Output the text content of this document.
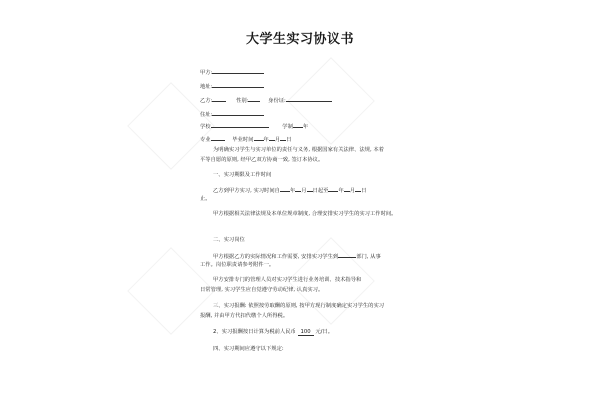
大学生实习协议书
甲方:
地址:
乙方:	性别:	身份证:
住址:
学校	学制 年
专业	毕业时间 年 月 日
为明确实习学生与实习单位的责任与义务, 根据国家有关法律、法规, 本着
平等自愿的原则, 经甲乙双方协商一致, 签订本协议。
一、实习期限及工作时间
乙方到甲方实习, 实习时间自 年 月 日起至 年 月 日
止。
甲方根据相关法律法规及本单位规章制度, 合理安排实习学生的实习工作时间。
二、实习岗位
甲方根据乙方的实际情况和工作需要, 安排实习学生到	部门, 从事
工作。岗位职责请参考附件一。
甲方安排专门的管理人员对实习学生进行业务培训、技术指导和
日常管理, 实习学生应自觉遵守劳动纪律, 认真实习。
三、实习报酬: 依照按劳取酬的原则, 按甲方现行制度确定实习学生的实习
报酬, 并由甲方代扣代缴个人所得税。
2、实习报酬按日计算为税前人民币 100 元/日。
四、实习期间应遵守以下规定:
